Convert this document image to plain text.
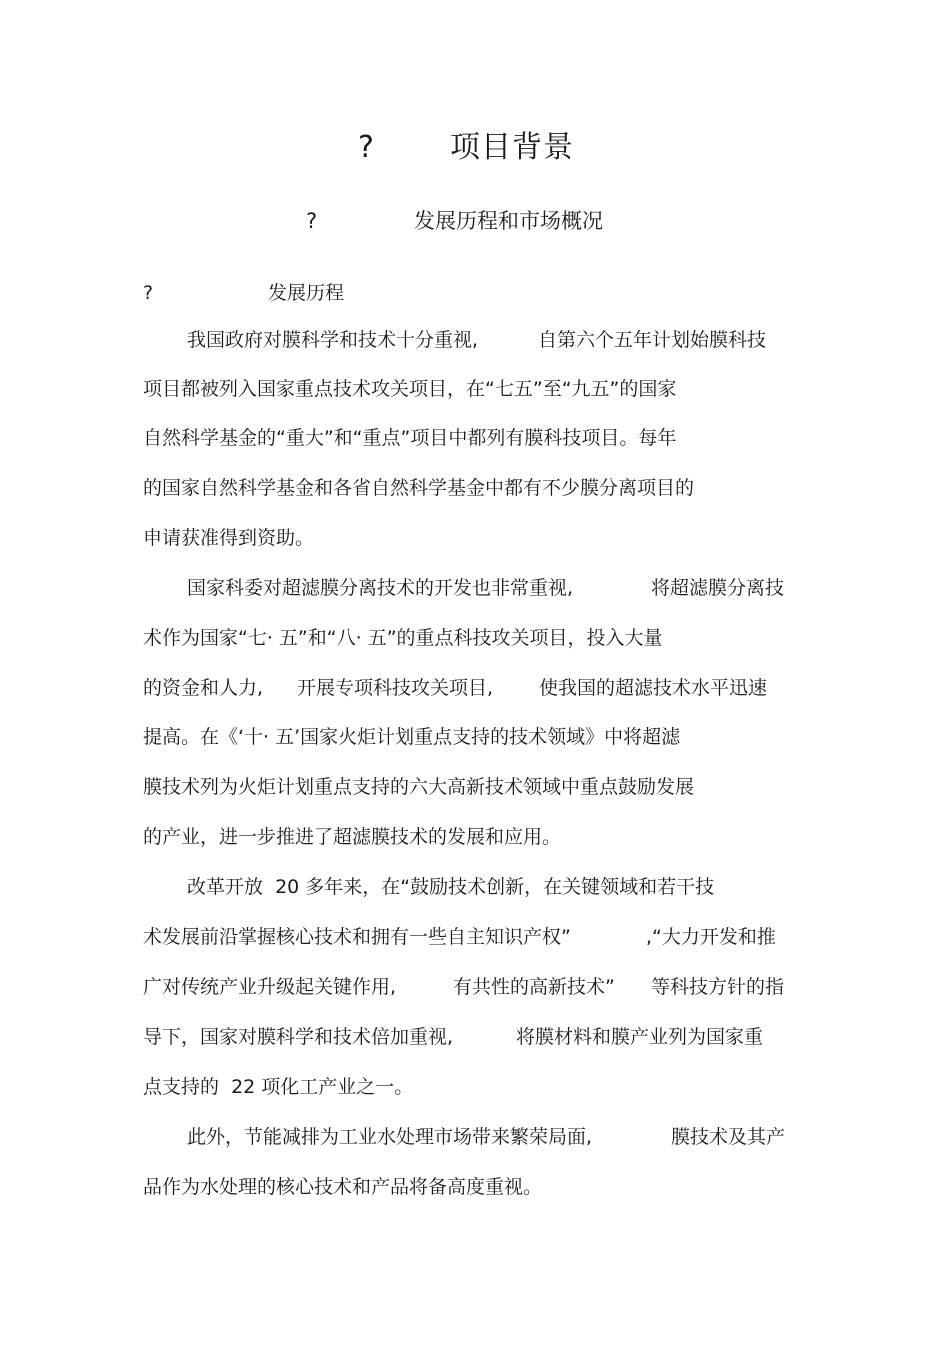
?	项目背景
?	发展历程和市场概况
?	发展历程

我国政府对膜科学和技术十分重视,

	自第六个五年计划始膜科技

项目都被列入国家重点技术攻关项目，在“七五”至“九五”的国家

自然科学基金的“重大”和“重点”项目中都列有膜科技项目。每年

的国家自然科学基金和各省自然科学基金中都有不少膜分离项目的

申请获准得到资助。

国家科委对超滤膜分离技术的开发也非常重视,

	将超滤膜分离技

术作为国家“七· 五”和“八· 五”的重点科技攻关项目，投入大量

的资金和人力,

开展专项科技攻关项目,

使我国的超滤技术水平迅速

提高。在《‘十· 五’国家火炬计划重点支持的技术领域》中将超滤

膜技术列为火炬计划重点支持的六大高新技术领域中重点鼓励发展

的产业，进一步推进了超滤膜技术的发展和应用。

改革开放  20 多年来，在“鼓励技术创新，在关键领域和若干技

术发展前沿掌握核心技术和拥有一些自主知识产权”

	,“大力开发和推

广对传统产业升级起关键作用,

	有共性的高新技术”

等科技方针的指

导下，国家对膜科学和技术倍加重视,

	将膜材料和膜产业列为国家重

点支持的  22 项化工产业之一。

此外，节能减排为工业水处理市场带来繁荣局面,

	膜技术及其产

品作为水处理的核心技术和产品将备高度重视。
